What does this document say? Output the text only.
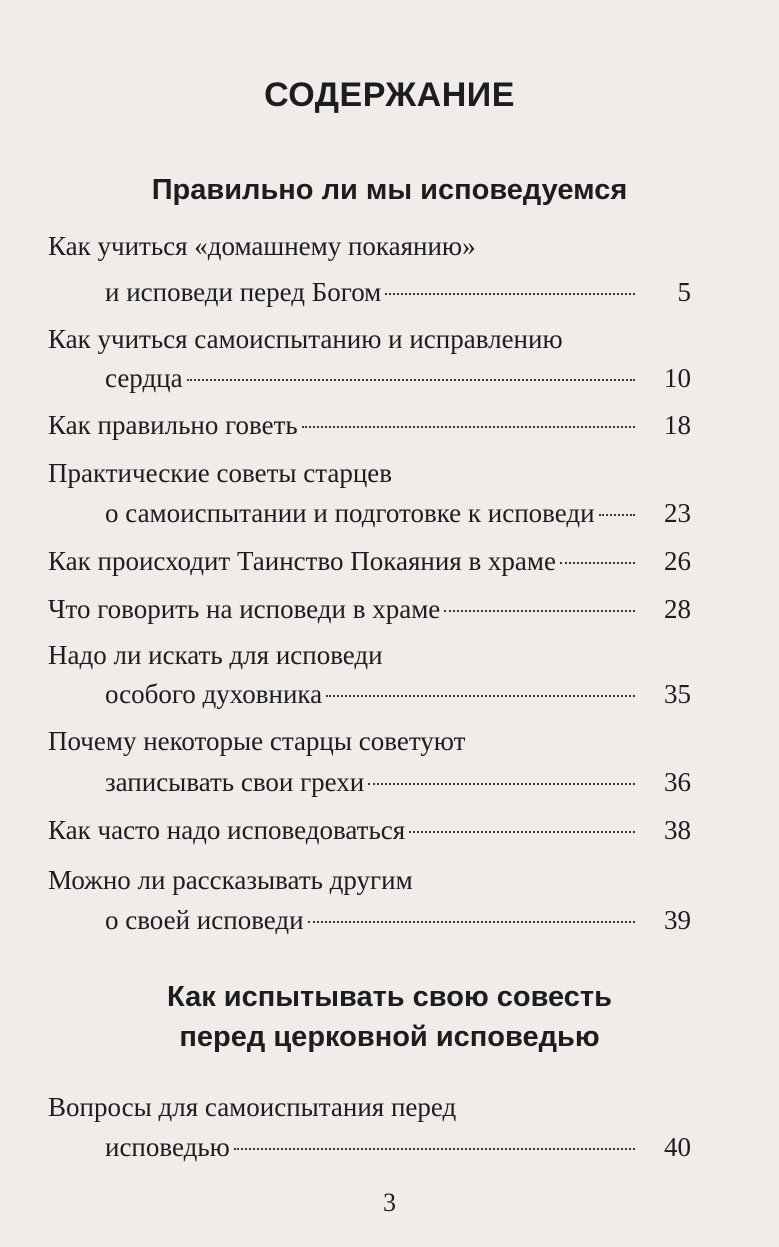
СОДЕРЖАНИЕ
Правильно ли мы исповедуемся
Как учиться «домашнему покаянию»
и исповеди перед Богом	5
Как учиться самоиспытанию и исправлению
сердца	10
Как правильно говеть	18
Практические советы старцев
о самоиспытании и подготовке к исповеди	23
Как происходит Таинство Покаяния в храме	26
Что говорить на исповеди в храме	28
Надо ли искать для исповеди
особого духовника	35
Почему некоторые старцы советуют
записывать свои грехи	36
Как часто надо исповедоваться	38
Можно ли рассказывать другим
о своей исповеди	39
Как испытывать свою совесть
перед церковной исповедью
Вопросы для самоиспытания перед
исповедью	40
3
